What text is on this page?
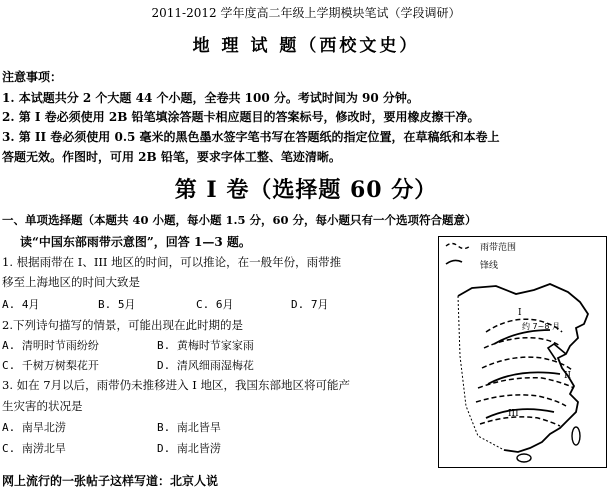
2011-2012 学年度高二年级上学期模块笔试（学段调研）
地 理 试 题（西校文史）
注意事项：
1. 本试题共分 2 个大题 44 个小题，全卷共 100 分。考试时间为 90 分钟。
2. 第 I 卷必须使用 2B 铅笔填涂答题卡相应题目的答案标号，修改时，要用橡皮擦干净。
3. 第 II 卷必须使用 0.5 毫米的黑色墨水签字笔书写在答题纸的指定位置，在草稿纸和本卷上
答题无效。作图时，可用 2B 铅笔，要求字体工整、笔迹清晰。
第 I 卷（选择题 60 分）
一、单项选择题（本题共 40 小题，每小题 1.5 分，60 分，每小题只有一个选项符合题意）
读“中国东部雨带示意图”，回答 1—3 题。
1. 根据雨带在 I、III 地区的时间，可以推论，在一般年份，雨带推
移至上海地区的时间大致是
A. 4月	B. 5月	C. 6月	D. 7月
2.下列诗句描写的情景，可能出现在此时期的是
A. 清明时节雨纷纷	B. 黄梅时节家家雨
C. 千树万树梨花开	D. 清风细雨湿梅花
3. 如在 7月以后，雨带仍未推移进入 I 地区，我国东部地区将可能产
生灾害的状况是
A. 南旱北涝	B. 南北皆旱
C. 南涝北旱	D. 南北皆涝
网上流行的一张帖子这样写道：北京人说
雨带范围
锋线
I
约 7~8 月
II
III
